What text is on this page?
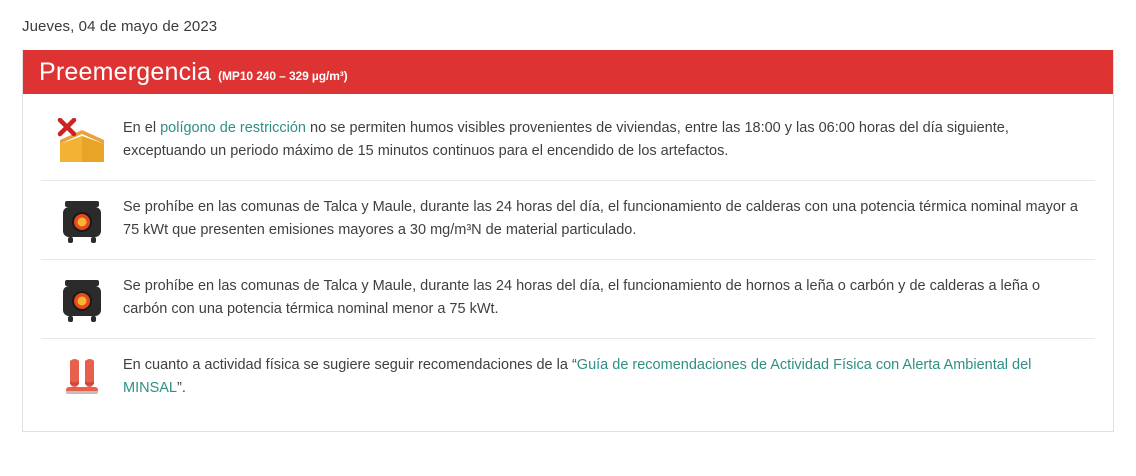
Jueves, 04 de mayo de 2023
Preemergencia (MP10 240 – 329 µg/m³)
En el polígono de restricción no se permiten humos visibles provenientes de viviendas, entre las 18:00 y las 06:00 horas del día siguiente, exceptuando un periodo máximo de 15 minutos continuos para el encendido de los artefactos.
Se prohíbe en las comunas de Talca y Maule, durante las 24 horas del día, el funcionamiento de calderas con una potencia térmica nominal mayor a 75 kWt que presenten emisiones mayores a 30 mg/m³N de material particulado.
Se prohíbe en las comunas de Talca y Maule, durante las 24 horas del día, el funcionamiento de hornos a leña o carbón y de calderas a leña o carbón con una potencia térmica nominal menor a 75 kWt.
En cuanto a actividad física se sugiere seguir recomendaciones de la “Guía de recomendaciones de Actividad Física con Alerta Ambiental del MINSAL”.
